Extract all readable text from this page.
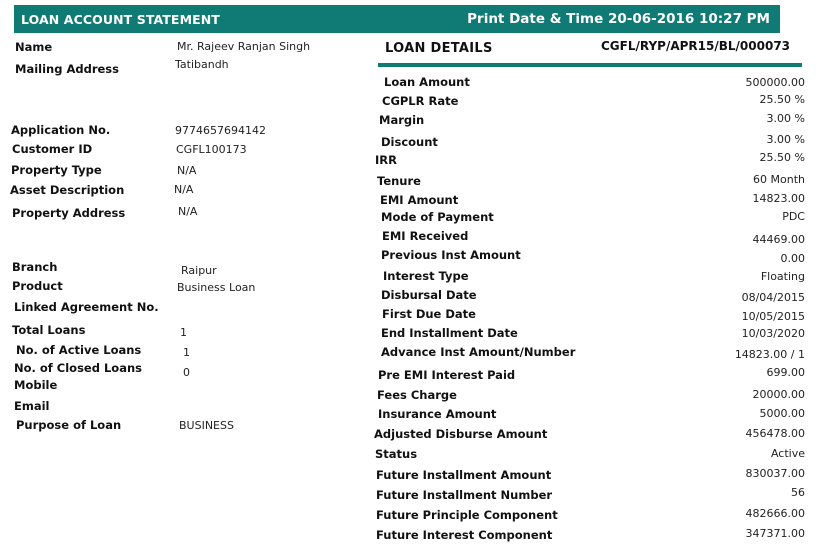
LOAN ACCOUNT STATEMENT	Print Date & Time 20-06-2016 10:27 PM
Name	Mr. Rajeev Ranjan Singh
Mailing Address	Tatibandh
Application No.	9774657694142
Customer ID	CGFL100173
Property Type	N/A
Asset Description	N/A
Property Address	N/A
Branch	Raipur
Product	Business Loan
Linked Agreement No.
Total Loans	1
No. of Active Loans	1
No. of Closed Loans	0
Mobile
Email
Purpose of Loan	BUSINESS
LOAN DETAILS	CGFL/RYP/APR15/BL/000073
Loan Amount	500000.00
CGPLR Rate	25.50 %
Margin	3.00 %
Discount	3.00 %
IRR	25.50 %
Tenure	60 Month
EMI Amount	14823.00
Mode of Payment	PDC
EMI Received	44469.00
Previous Inst Amount	0.00
Interest Type	Floating
Disbursal Date	08/04/2015
First Due Date	10/05/2015
End Installment Date	10/03/2020
Advance Inst Amount/Number	14823.00 / 1
Pre EMI Interest Paid	699.00
Fees Charge	20000.00
Insurance Amount	5000.00
Adjusted Disburse Amount	456478.00
Status	Active
Future Installment Amount	830037.00
Future Installment Number	56
Future Principle Component	482666.00
Future Interest Component	347371.00
